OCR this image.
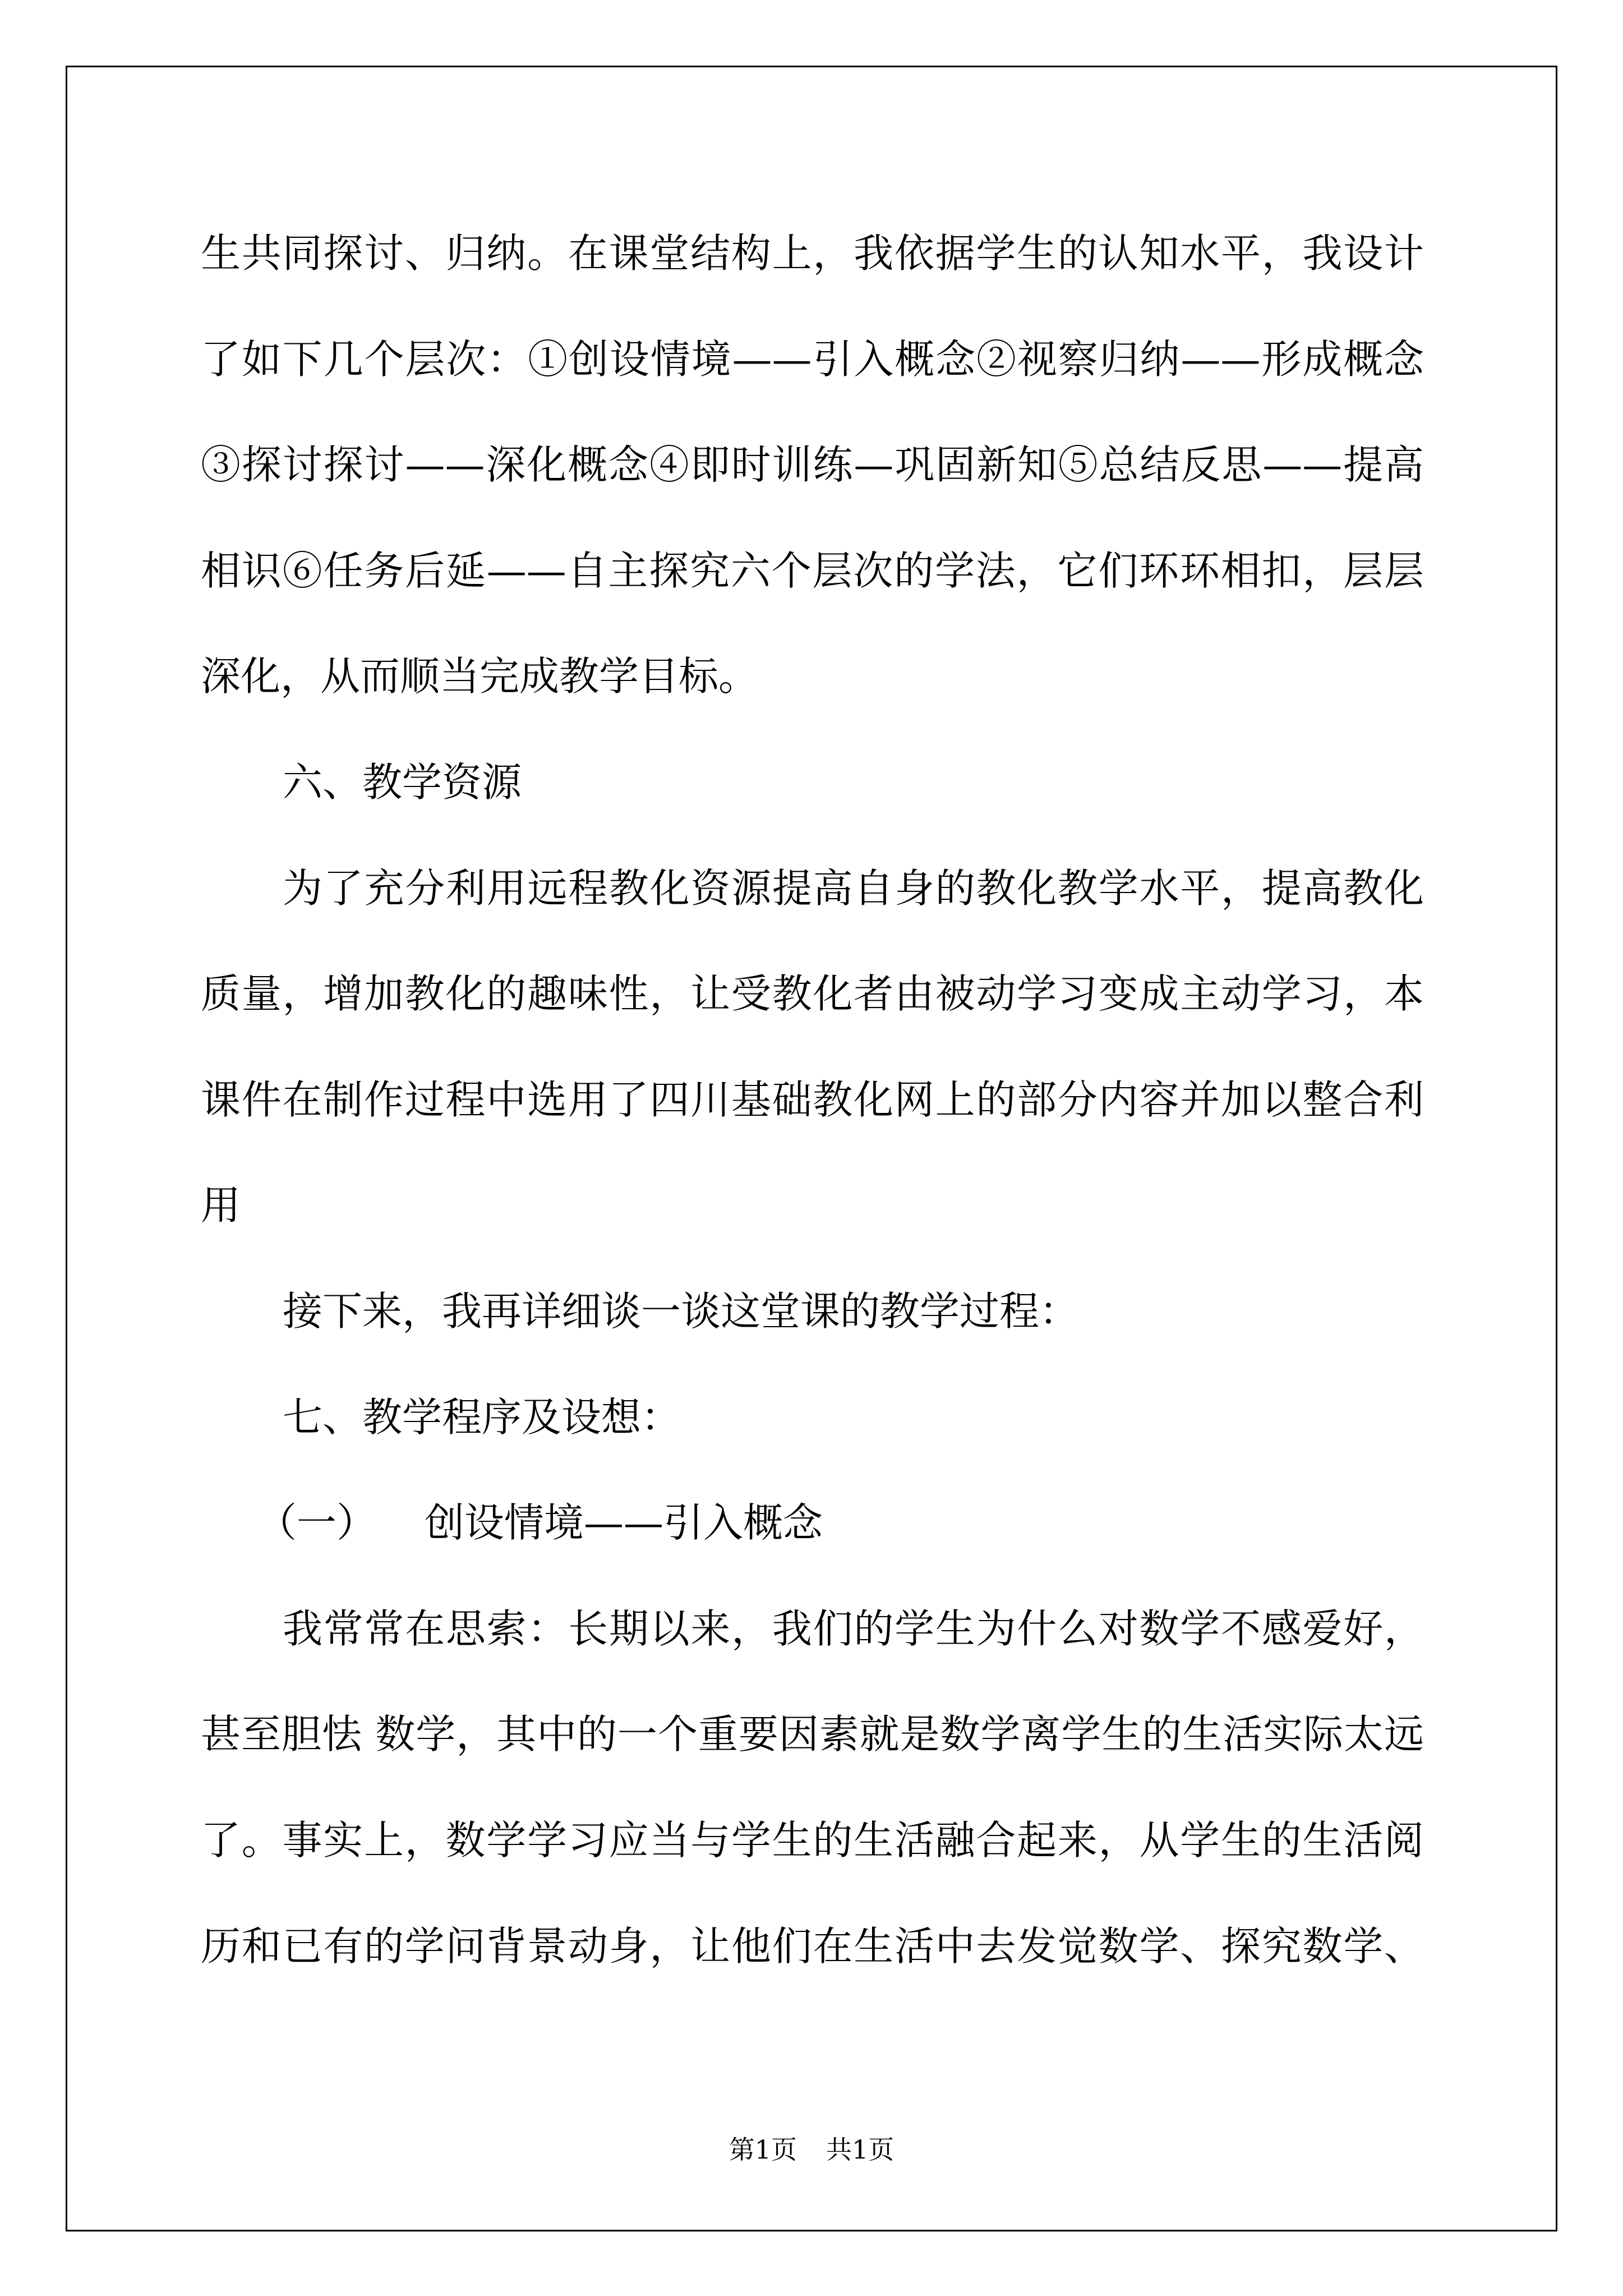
生共同探讨、归纳。在课堂结构上，我依据学生的认知水平，我设计
了如下几个层次：①创设情境——引入概念②视察归纳——形成概念
③探讨探讨——深化概念④即时训练—巩固新知⑤总结反思——提高
相识⑥任务后延——自主探究六个层次的学法，它们环环相扣，层层
深化，从而顺当完成教学目标。
六、教学资源
为了充分利用远程教化资源提高自身的教化教学水平，提高教化
质量，增加教化的趣味性，让受教化者由被动学习变成主动学习，本
课件在制作过程中选用了四川基础教化网上的部分内容并加以整合利
用
接下来，我再详细谈一谈这堂课的教学过程：
七、教学程序及设想：
（一） 创设情境——引入概念
我常常在思索：长期以来，我们的学生为什么对数学不感爱好，
甚至胆怯 数学，其中的一个重要因素就是数学离学生的生活实际太远
了。事实上，数学学习应当与学生的生活融合起来，从学生的生活阅
历和已有的学问背景动身，让他们在生活中去发觉数学、探究数学、
第1页 共1页
